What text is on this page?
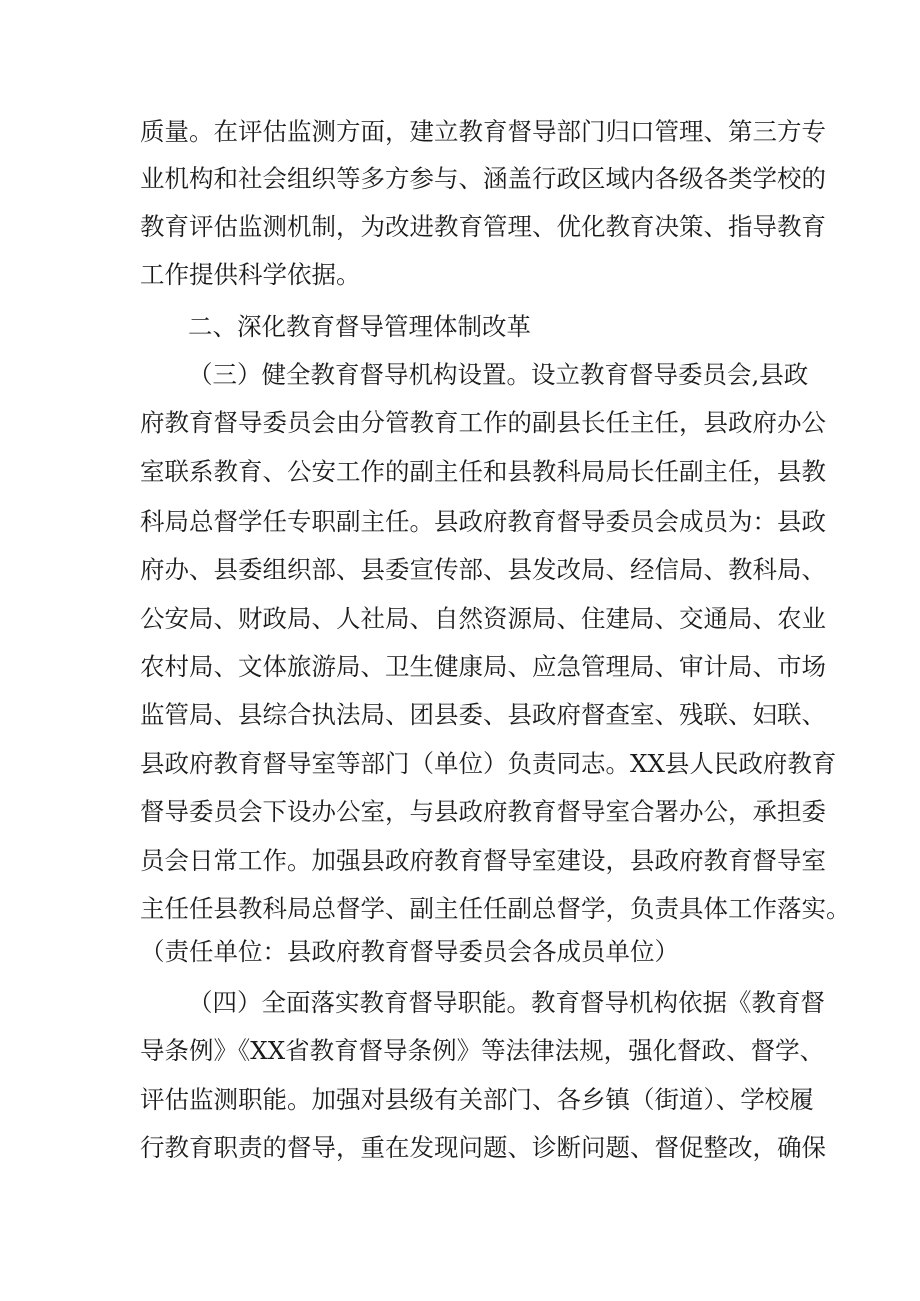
质量。在评估监测方面，建立教育督导部门归口管理、第三方专
业机构和社会组织等多方参与、涵盖行政区域内各级各类学校的
教育评估监测机制，为改进教育管理、优化教育决策、指导教育
工作提供科学依据。
二、深化教育督导管理体制改革
（三）健全教育督导机构设置。设立教育督导委员会,县政
府教育督导委员会由分管教育工作的副县长任主任，县政府办公
室联系教育、公安工作的副主任和县教科局局长任副主任，县教
科局总督学任专职副主任。县政府教育督导委员会成员为：县政
府办、县委组织部、县委宣传部、县发改局、经信局、教科局、
公安局、财政局、人社局、自然资源局、住建局、交通局、农业
农村局、文体旅游局、卫生健康局、应急管理局、审计局、市场
监管局、县综合执法局、团县委、县政府督查室、残联、妇联、
县政府教育督导室等部门（单位）负责同志。XX县人民政府教育
督导委员会下设办公室，与县政府教育督导室合署办公，承担委
员会日常工作。加强县政府教育督导室建设，县政府教育督导室
主任任县教科局总督学、副主任任副总督学，负责具体工作落实。
（责任单位：县政府教育督导委员会各成员单位）
（四）全面落实教育督导职能。教育督导机构依据《教育督
导条例》《XX省教育督导条例》等法律法规，强化督政、督学、
评估监测职能。加强对县级有关部门、各乡镇（街道）、学校履
行教育职责的督导，重在发现问题、诊断问题、督促整改，确保
